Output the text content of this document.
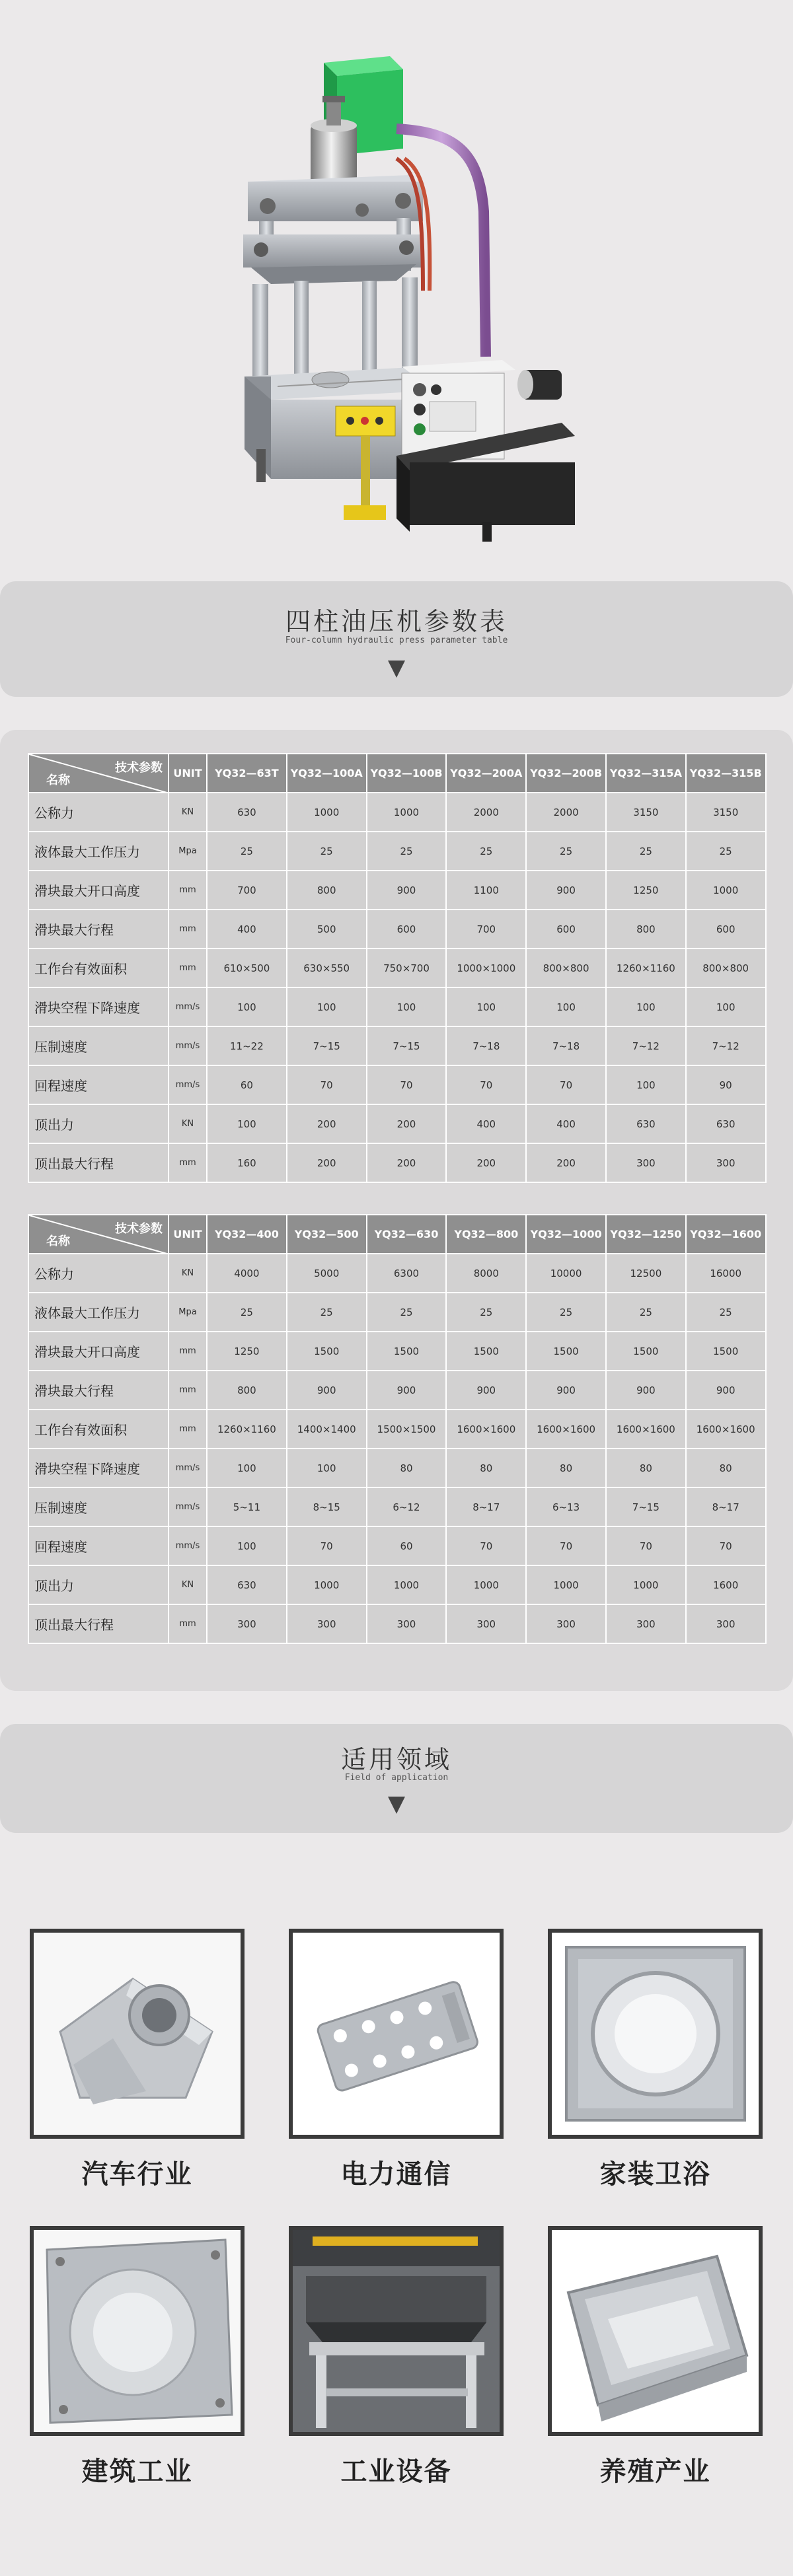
四柱油压机参数表
Four-column hydraulic press parameter table
技术参数
名称	UNIT	YQ32—63T	YQ32—100A	YQ32—100B	YQ32—200A	YQ32—200B	YQ32—315A	YQ32—315B
公称力	KN	630	1000	1000	2000	2000	3150	3150
液体最大工作压力	Mpa	25	25	25	25	25	25	25
滑块最大开口高度	mm	700	800	900	1100	900	1250	1000
滑块最大行程	mm	400	500	600	700	600	800	600
工作台有效面积	mm	610×500	630×550	750×700	1000×1000	800×800	1260×1160	800×800
滑块空程下降速度	mm/s	100	100	100	100	100	100	100
压制速度	mm/s	11~22	7~15	7~15	7~18	7~18	7~12	7~12
回程速度	mm/s	60	70	70	70	70	100	90
顶出力	KN	100	200	200	400	400	630	630
顶出最大行程	mm	160	200	200	200	200	300	300
技术参数
名称	UNIT	YQ32—400	YQ32—500	YQ32—630	YQ32—800	YQ32—1000	YQ32—1250	YQ32—1600
公称力	KN	4000	5000	6300	8000	10000	12500	16000
液体最大工作压力	Mpa	25	25	25	25	25	25	25
滑块最大开口高度	mm	1250	1500	1500	1500	1500	1500	1500
滑块最大行程	mm	800	900	900	900	900	900	900
工作台有效面积	mm	1260×1160	1400×1400	1500×1500	1600×1600	1600×1600	1600×1600	1600×1600
滑块空程下降速度	mm/s	100	100	80	80	80	80	80
压制速度	mm/s	5~11	8~15	6~12	8~17	6~13	7~15	8~17
回程速度	mm/s	100	70	60	70	70	70	70
顶出力	KN	630	1000	1000	1000	1000	1000	1600
顶出最大行程	mm	300	300	300	300	300	300	300
适用领域
Field of application
汽车行业	电力通信	家装卫浴
建筑工业	工业设备	养殖产业
